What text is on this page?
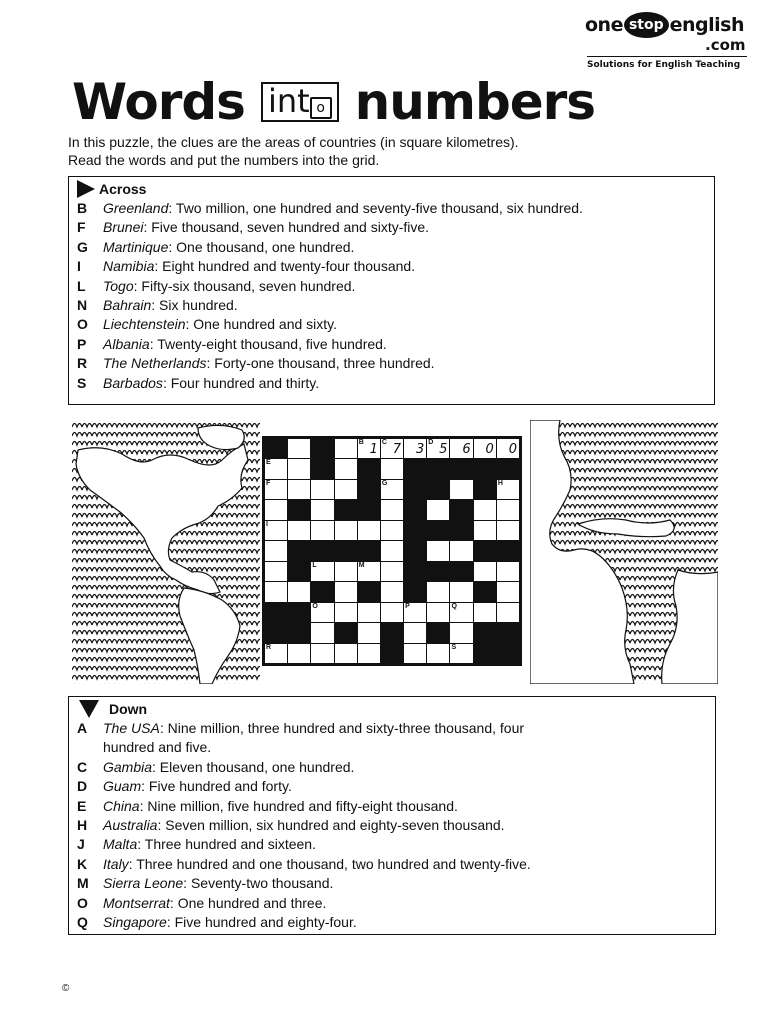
one stop english
.com
Solutions for English Teaching
Words int o numbers
In this puzzle, the clues are the areas of countries (in square kilometres).
Read the words and put the numbers into the grid.
Across
B	Greenland: Two million, one hundred and seventy-five thousand, six hundred.
F	Brunei: Five thousand, seven hundred and sixty-five.
G	Martinique: One thousand, one hundred.
I	Namibia: Eight hundred and twenty-four thousand.
L	Togo: Fifty-six thousand, seven hundred.
N	Bahrain: Six hundred.
O	Liechtenstein: One hundred and sixty.
P	Albania: Twenty-eight thousand, five hundred.
R	The Netherlands: Forty-one thousand, three hundred.
S	Barbados: Four hundred and thirty.
B 1 C 7 3 D 5 6 0 0
E
F	G	H
I
L	M
O	P	Q
R	S
Down
A	The USA: Nine million, three hundred and sixty-three thousand, four
hundred and five.
C	Gambia: Eleven thousand, one hundred.
D	Guam: Five hundred and forty.
E	China: Nine million, five hundred and fifty-eight thousand.
H	Australia: Seven million, six hundred and eighty-seven thousand.
J	Malta: Three hundred and sixteen.
K	Italy: Three hundred and one thousand, two hundred and twenty-five.
M	Sierra Leone: Seventy-two thousand.
O	Montserrat: One hundred and three.
Q	Singapore: Five hundred and eighty-four.
©
